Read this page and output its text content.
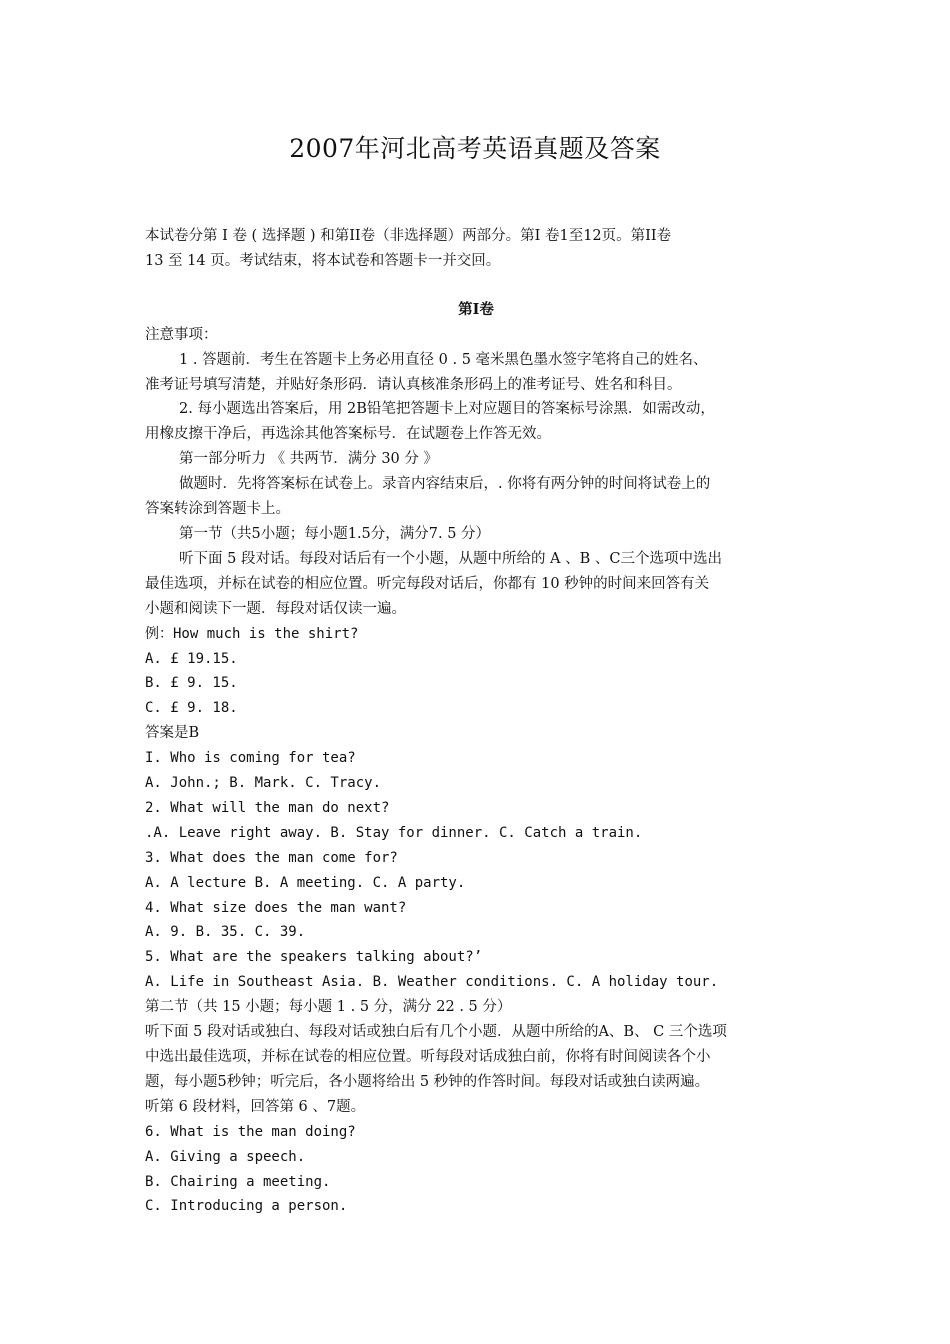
2007年河北高考英语真题及答案

本试卷分第 I 卷 ( 选择题 ) 和第II卷（非选择题）两部分。第I 卷1至12页。第II卷

13 至 14 页。考试结束，将本试卷和答题卡一并交回。

第I卷

注意事项：

1 . 答题前．考生在答题卡上务必用直径 0 . 5 毫米黑色墨水签字笔将自己的姓名、

准考证号填写清楚，并贴好条形码．请认真核准条形码上的准考证号、姓名和科目。

2. 每小题选出答案后，用 2B铅笔把答题卡上对应题目的答案标号涂黑．如需改动，

用橡皮擦干净后，再选涂其他答案标号．在试题卷上作答无效。

第一部分听力 《 共两节．满分 30 分 》

做题时．先将答案标在试卷上。录音内容结束后，. 你将有两分钟的时间将试卷上的

答案转涂到答题卡上。

第一节（共5小题；每小题1.5分，满分7. 5 分）

听下面 5 段对话。每段对话后有一个小题，从题中所给的 A 、B 、C三个选项中选出

最佳选项，并标在试卷的相应位置。听完每段对话后，你都有 10 秒钟的时间来回答有关

小题和阅读下一题．每段对话仅读一遍。

例：How much is the shirt?

A. £ 19.15.

B. £ 9. 15.

C. £ 9. 18.

答案是B

I. Who is coming for tea?

A. John.; B. Mark. C. Tracy.

2. What will the man do next?

.A. Leave right away. B. Stay for dinner. C. Catch a train.

3. What does the man come for?

A. A lecture B. A meeting. C. A party.

4. What size does the man want?

A. 9. B. 35. C. 39.

5. What are the speakers talking about?’

A. Life in Southeast Asia. B. Weather conditions. C. A holiday tour.

第二节（共 15 小题；每小题 1 . 5 分，满分 22 . 5 分）

听下面 5 段对话或独白、每段对话或独白后有几个小题．从题中所给的A、B、 C 三个选项

中选出最佳选项，并标在试卷的相应位置。听每段对话成独白前，你将有时间阅读各个小

题，每小题5秒钟；听完后，各小题将给出 5 秒钟的作答时间。每段对话或独白读两遍。

听第 6 段材料，回答第 6 、7题。

6. What is the man doing?

A. Giving a speech.

B. Chairing a meeting.

C. Introducing a person.
